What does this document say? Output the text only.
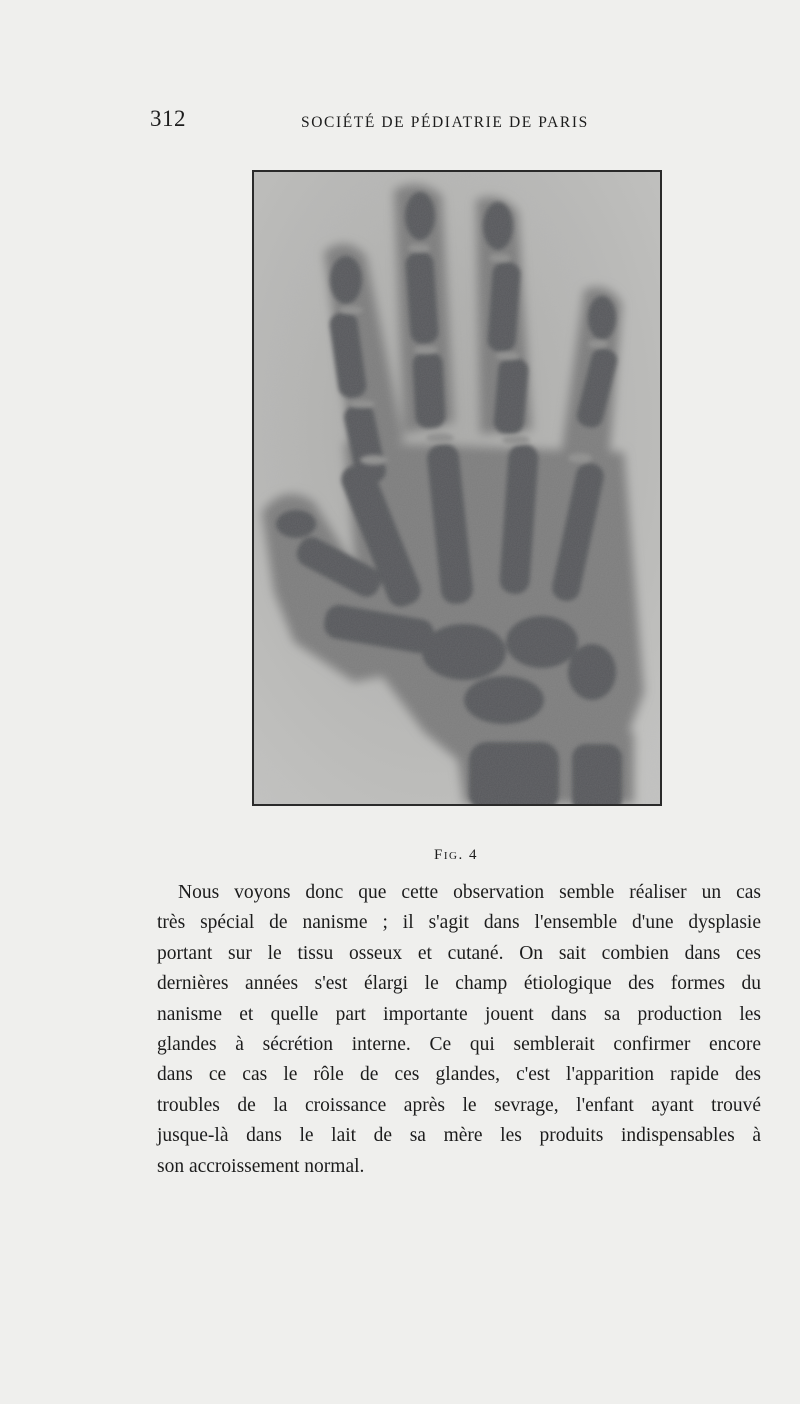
312	SOCIÉTÉ DE PÉDIATRIE DE PARIS
Fig. 4
Nous voyons donc que cette observation semble réaliser un cas
très spécial de nanisme ; il s'agit dans l'ensemble d'une dysplasie
portant sur le tissu osseux et cutané. On sait combien dans ces
dernières années s'est élargi le champ étiologique des formes du
nanisme et quelle part importante jouent dans sa production les
glandes à sécrétion interne. Ce qui semblerait confirmer encore
dans ce cas le rôle de ces glandes, c'est l'apparition rapide des
troubles de la croissance après le sevrage, l'enfant ayant trouvé
jusque-là dans le lait de sa mère les produits indispensables à
son accroissement normal.
